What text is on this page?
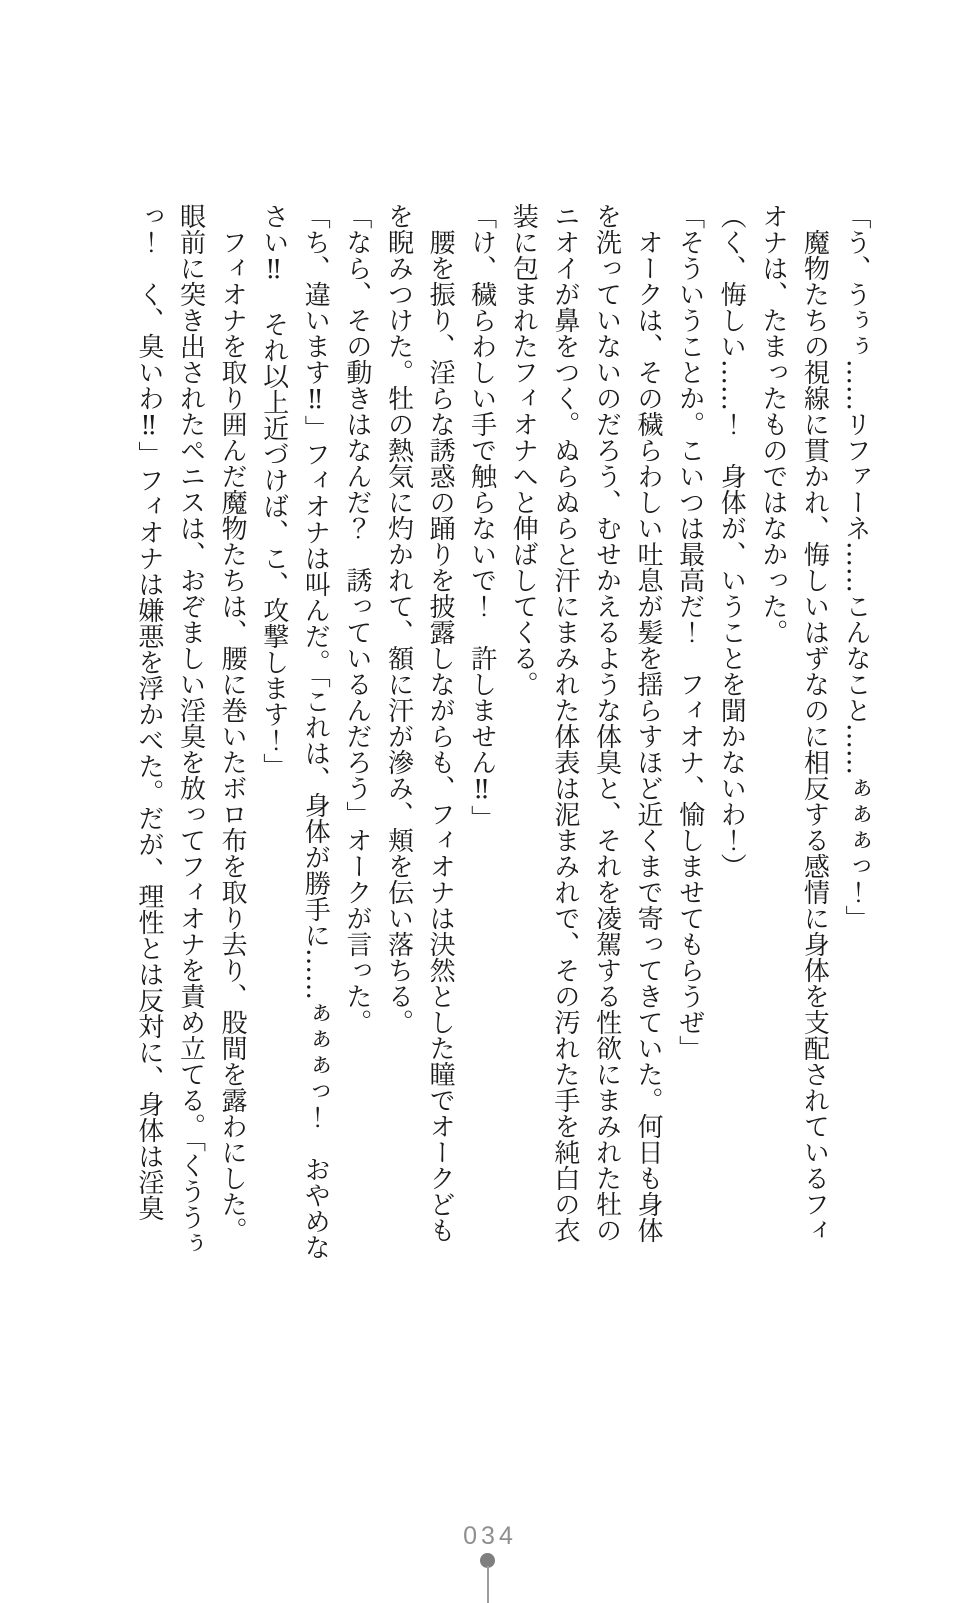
「う、うぅぅ……リファーネ……こんなこと……ぁぁぁっ！」

魔物たちの視線に貫かれ、悔しいはずなのに相反する感情に身体を支配されているフィオナは、たまったものではなかった。

（く、悔しい……！　身体が、いうことを聞かないわ！）

「そういうことか。こいつは最高だ！　フィオナ、愉しませてもらうぜ」

オークは、その穢らわしい吐息が髪を揺らすほど近くまで寄ってきていた。何日も身体を洗っていないのだろう、むせかえるような体臭と、それを凌駕する性欲にまみれた牡のニオイが鼻をつく。ぬらぬらと汗にまみれた体表は泥まみれで、その汚れた手を純白の衣装に包まれたフィオナへと伸ばしてくる。

「け、穢らわしい手で触らないで！　許しません‼」

腰を振り、淫らな誘惑の踊りを披露しながらも、フィオナは決然とした瞳でオークどもを睨みつけた。牡の熱気に灼かれて、額に汗が滲み、頬を伝い落ちる。

「なら、その動きはなんだ？　誘っているんだろう」オークが言った。

「ち、違います‼」フィオナは叫んだ。「これは、身体が勝手に……ぁぁぁっ！　おやめなさい‼　それ以上近づけば、こ、攻撃します！」

フィオナを取り囲んだ魔物たちは、腰に巻いたボロ布を取り去り、股間を露わにした。眼前に突き出されたペニスは、おぞましい淫臭を放ってフィオナを責め立てる。「くううぅっ！　く、臭いわ‼」フィオナは嫌悪を浮かべた。だが、理性とは反対に、身体は淫臭

034
